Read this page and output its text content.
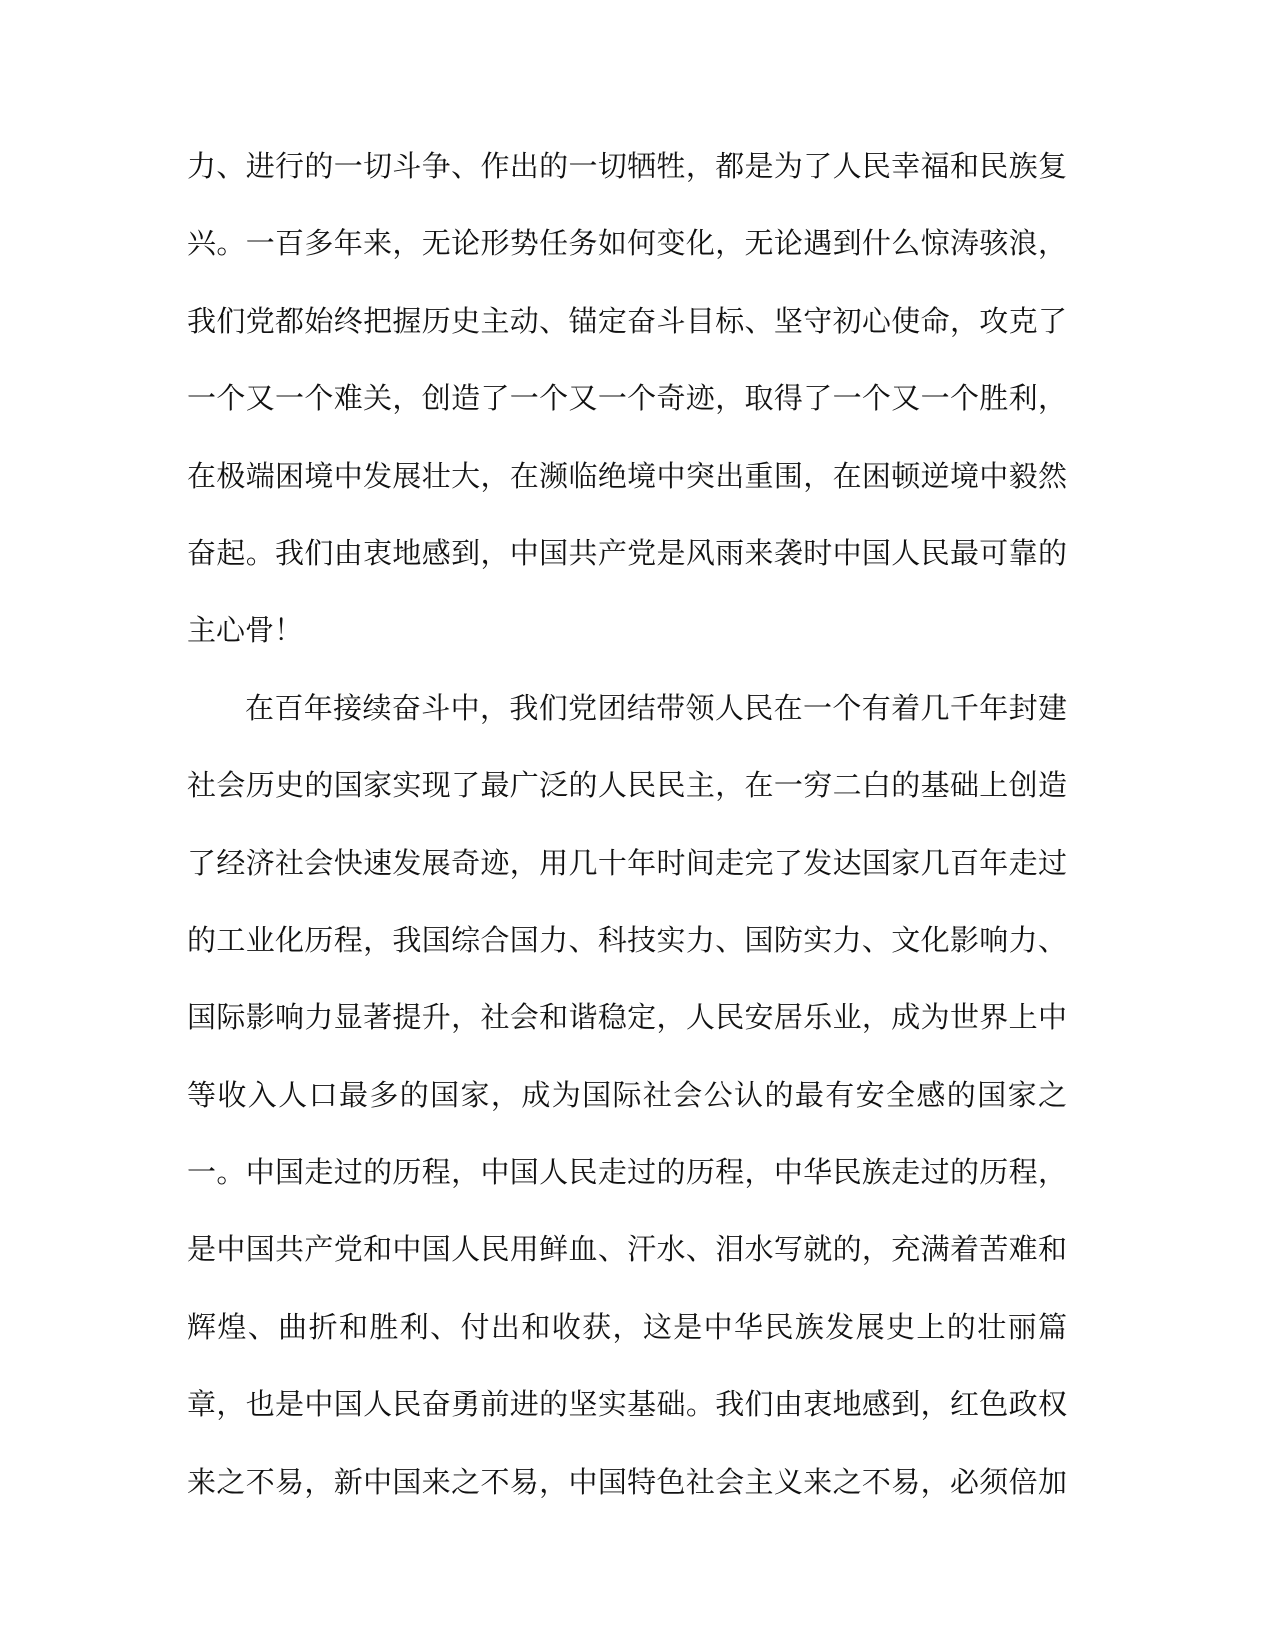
力、进行的一切斗争、作出的一切牺牲，都是为了人民幸福和民族复
兴。一百多年来，无论形势任务如何变化，无论遇到什么惊涛骇浪，
我们党都始终把握历史主动、锚定奋斗目标、坚守初心使命，攻克了
一个又一个难关，创造了一个又一个奇迹，取得了一个又一个胜利，
在极端困境中发展壮大，在濒临绝境中突出重围，在困顿逆境中毅然
奋起。我们由衷地感到，中国共产党是风雨来袭时中国人民最可靠的
主心骨！
在百年接续奋斗中，我们党团结带领人民在一个有着几千年封建
社会历史的国家实现了最广泛的人民民主，在一穷二白的基础上创造
了经济社会快速发展奇迹，用几十年时间走完了发达国家几百年走过
的工业化历程，我国综合国力、科技实力、国防实力、文化影响力、
国际影响力显著提升，社会和谐稳定，人民安居乐业，成为世界上中
等收入人口最多的国家，成为国际社会公认的最有安全感的国家之
一。中国走过的历程，中国人民走过的历程，中华民族走过的历程，
是中国共产党和中国人民用鲜血、汗水、泪水写就的，充满着苦难和
辉煌、曲折和胜利、付出和收获，这是中华民族发展史上的壮丽篇
章，也是中国人民奋勇前进的坚实基础。我们由衷地感到，红色政权
来之不易，新中国来之不易，中国特色社会主义来之不易，必须倍加
